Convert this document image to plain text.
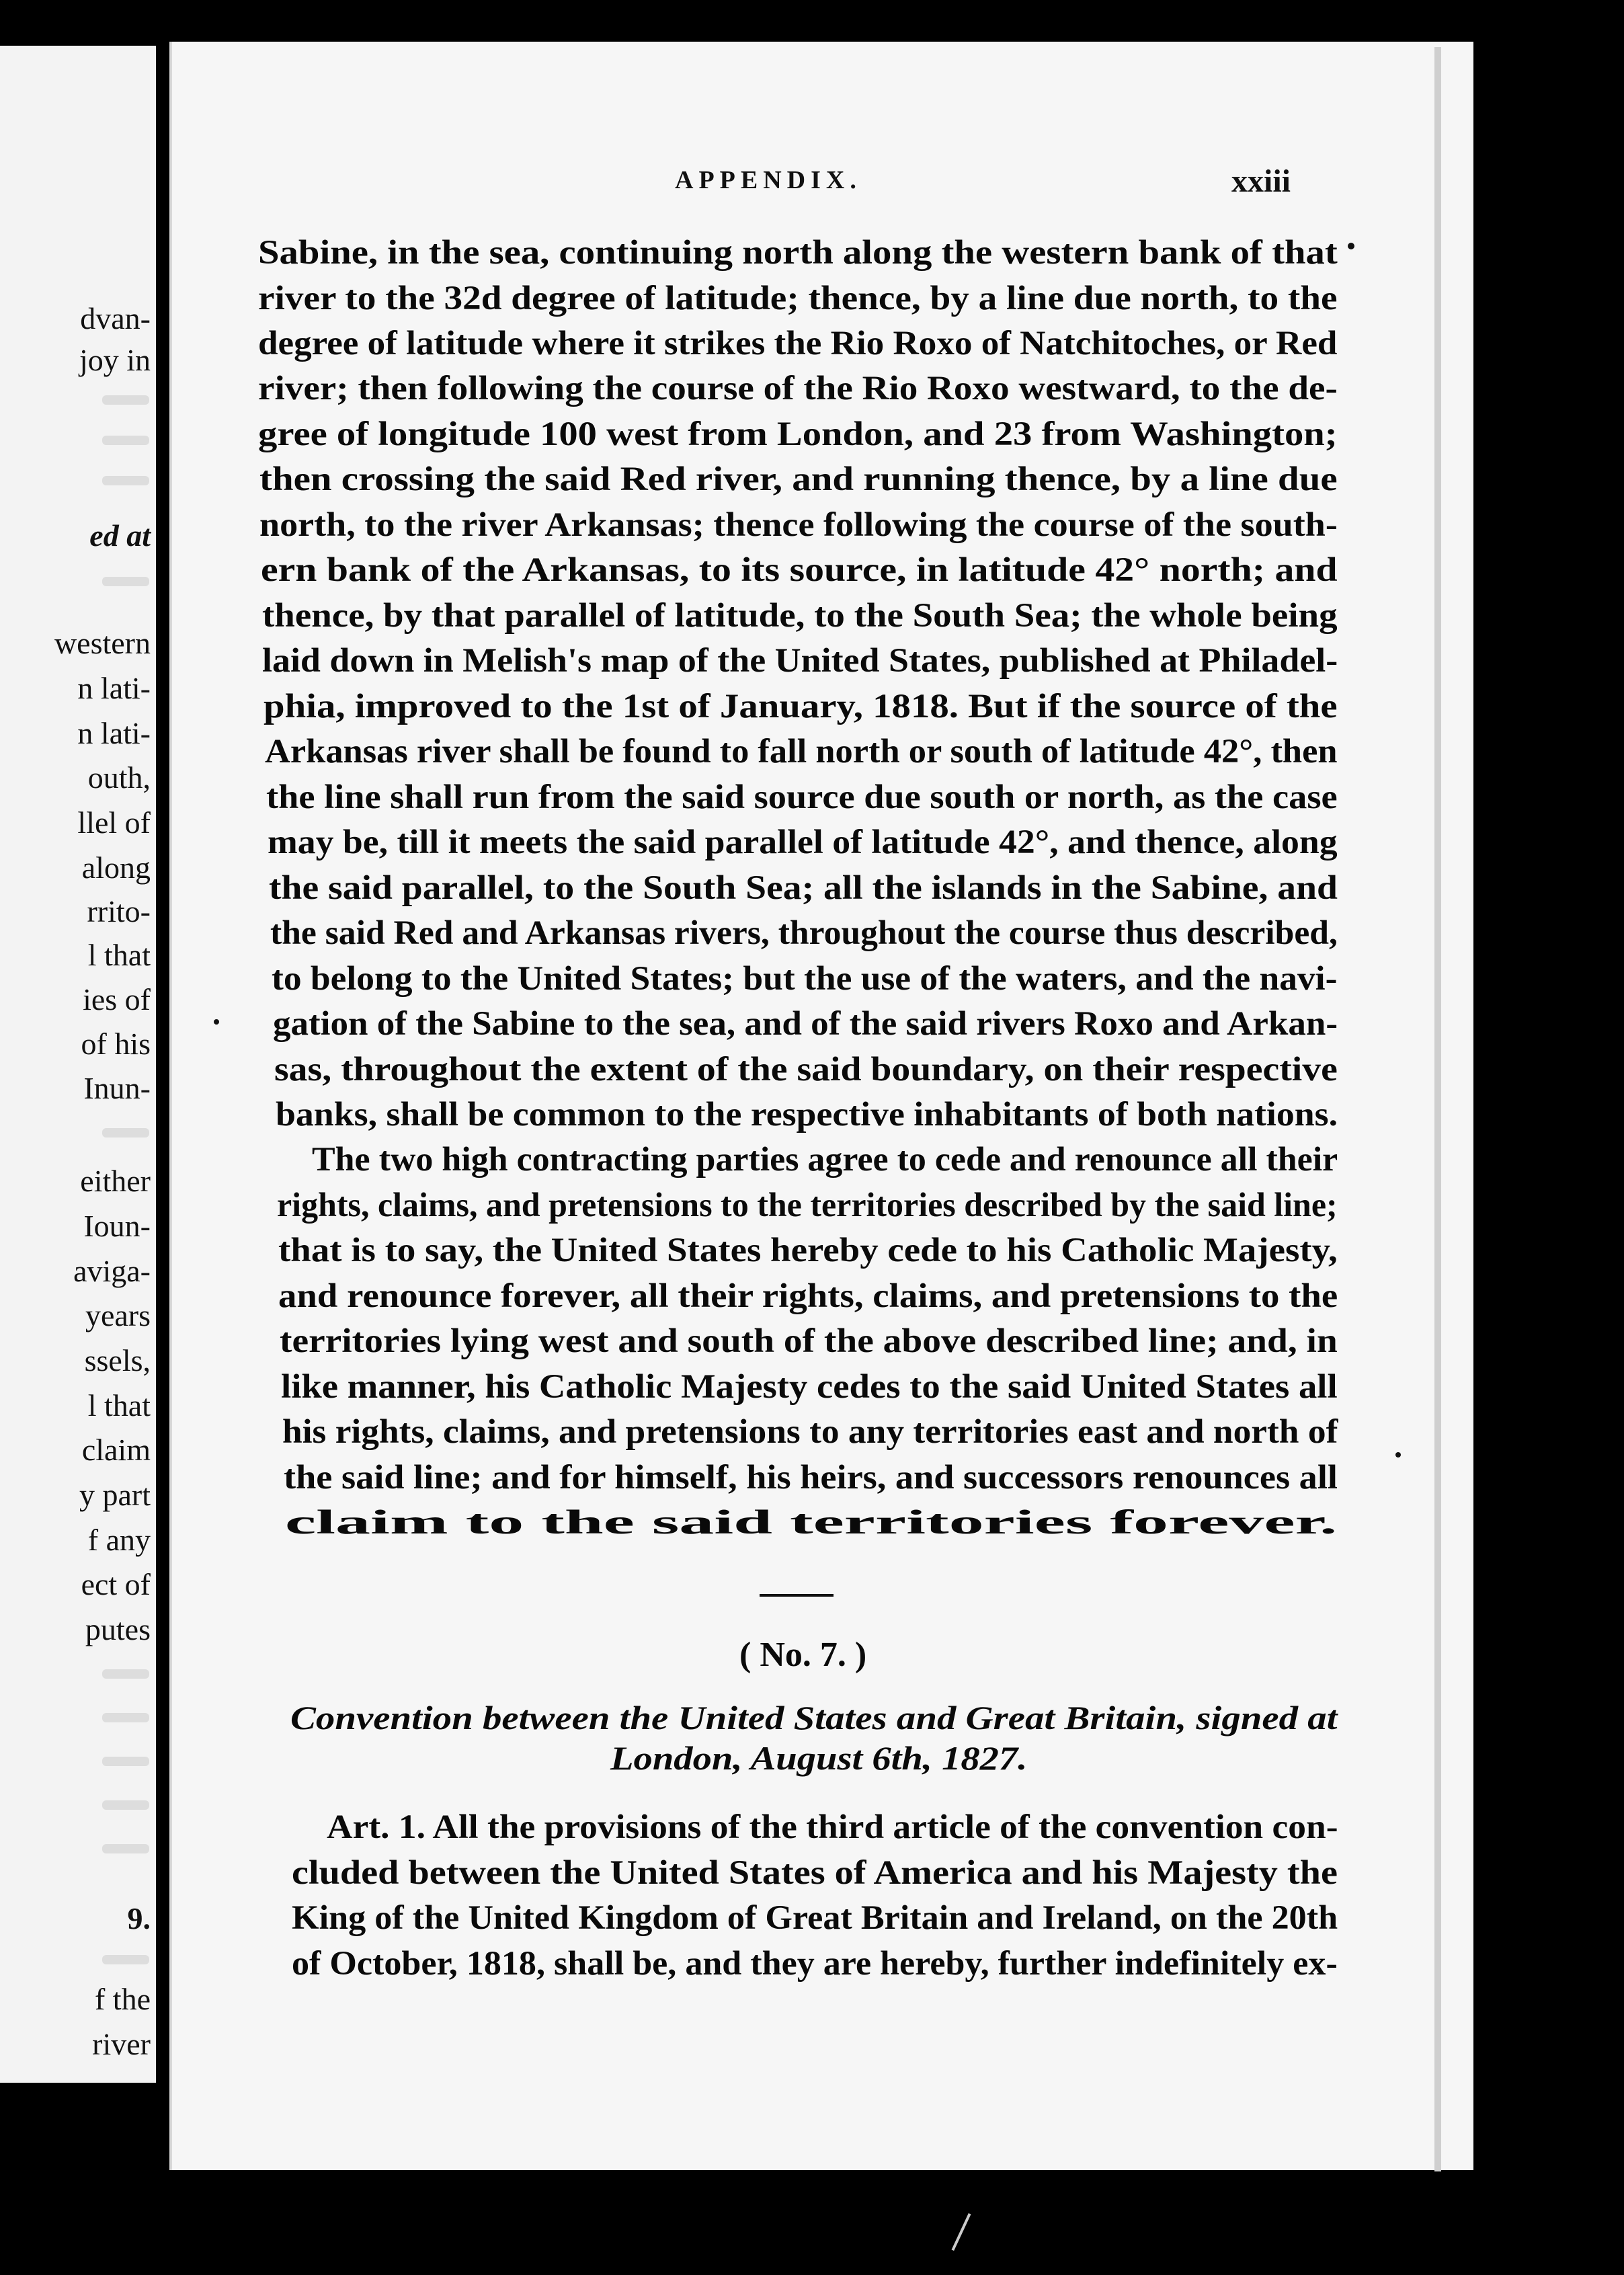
dvan-
joy in
ed at
western
n lati-
n lati-
outh,
llel of
along
rrito-
l that
ies of
of his
Inun-
either
Ioun-
aviga-
years
ssels,
l that
claim
y part
f any
ect of
putes
9.
f the
river
APPENDIX.	xxiii
Sabine, in the sea, continuing north along the western bank of that
river to the 32d degree of latitude; thence, by a line due north, to the
degree of latitude where it strikes the Rio Roxo of Natchitoches, or Red
river; then following the course of the Rio Roxo westward, to the de-
gree of longitude 100 west from London, and 23 from Washington;
then crossing the said Red river, and running thence, by a line due
north, to the river Arkansas; thence following the course of the south-
ern bank of the Arkansas, to its source, in latitude 42° north; and
thence, by that parallel of latitude, to the South Sea; the whole being
laid down in Melish's map of the United States, published at Philadel-
phia, improved to the 1st of January, 1818. But if the source of the
Arkansas river shall be found to fall north or south of latitude 42°, then
the line shall run from the said source due south or north, as the case
may be, till it meets the said parallel of latitude 42°, and thence, along
the said parallel, to the South Sea; all the islands in the Sabine, and
the said Red and Arkansas rivers, throughout the course thus described,
to belong to the United States; but the use of the waters, and the navi-
gation of the Sabine to the sea, and of the said rivers Roxo and Arkan-
sas, throughout the extent of the said boundary, on their respective
banks, shall be common to the respective inhabitants of both nations.
The two high contracting parties agree to cede and renounce all their
rights, claims, and pretensions to the territories described by the said line;
that is to say, the United States hereby cede to his Catholic Majesty,
and renounce forever, all their rights, claims, and pretensions to the
territories lying west and south of the above described line; and, in
like manner, his Catholic Majesty cedes to the said United States all
his rights, claims, and pretensions to any territories east and north of
the said line; and for himself, his heirs, and successors renounces all
claim to the said territories forever.
( No. 7. )
Convention between the United States and Great Britain, signed at
London, August 6th, 1827.
Art. 1. All the provisions of the third article of the convention con-
cluded between the United States of America and his Majesty the
King of the United Kingdom of Great Britain and Ireland, on the 20th
of October, 1818, shall be, and they are hereby, further indefinitely ex-
